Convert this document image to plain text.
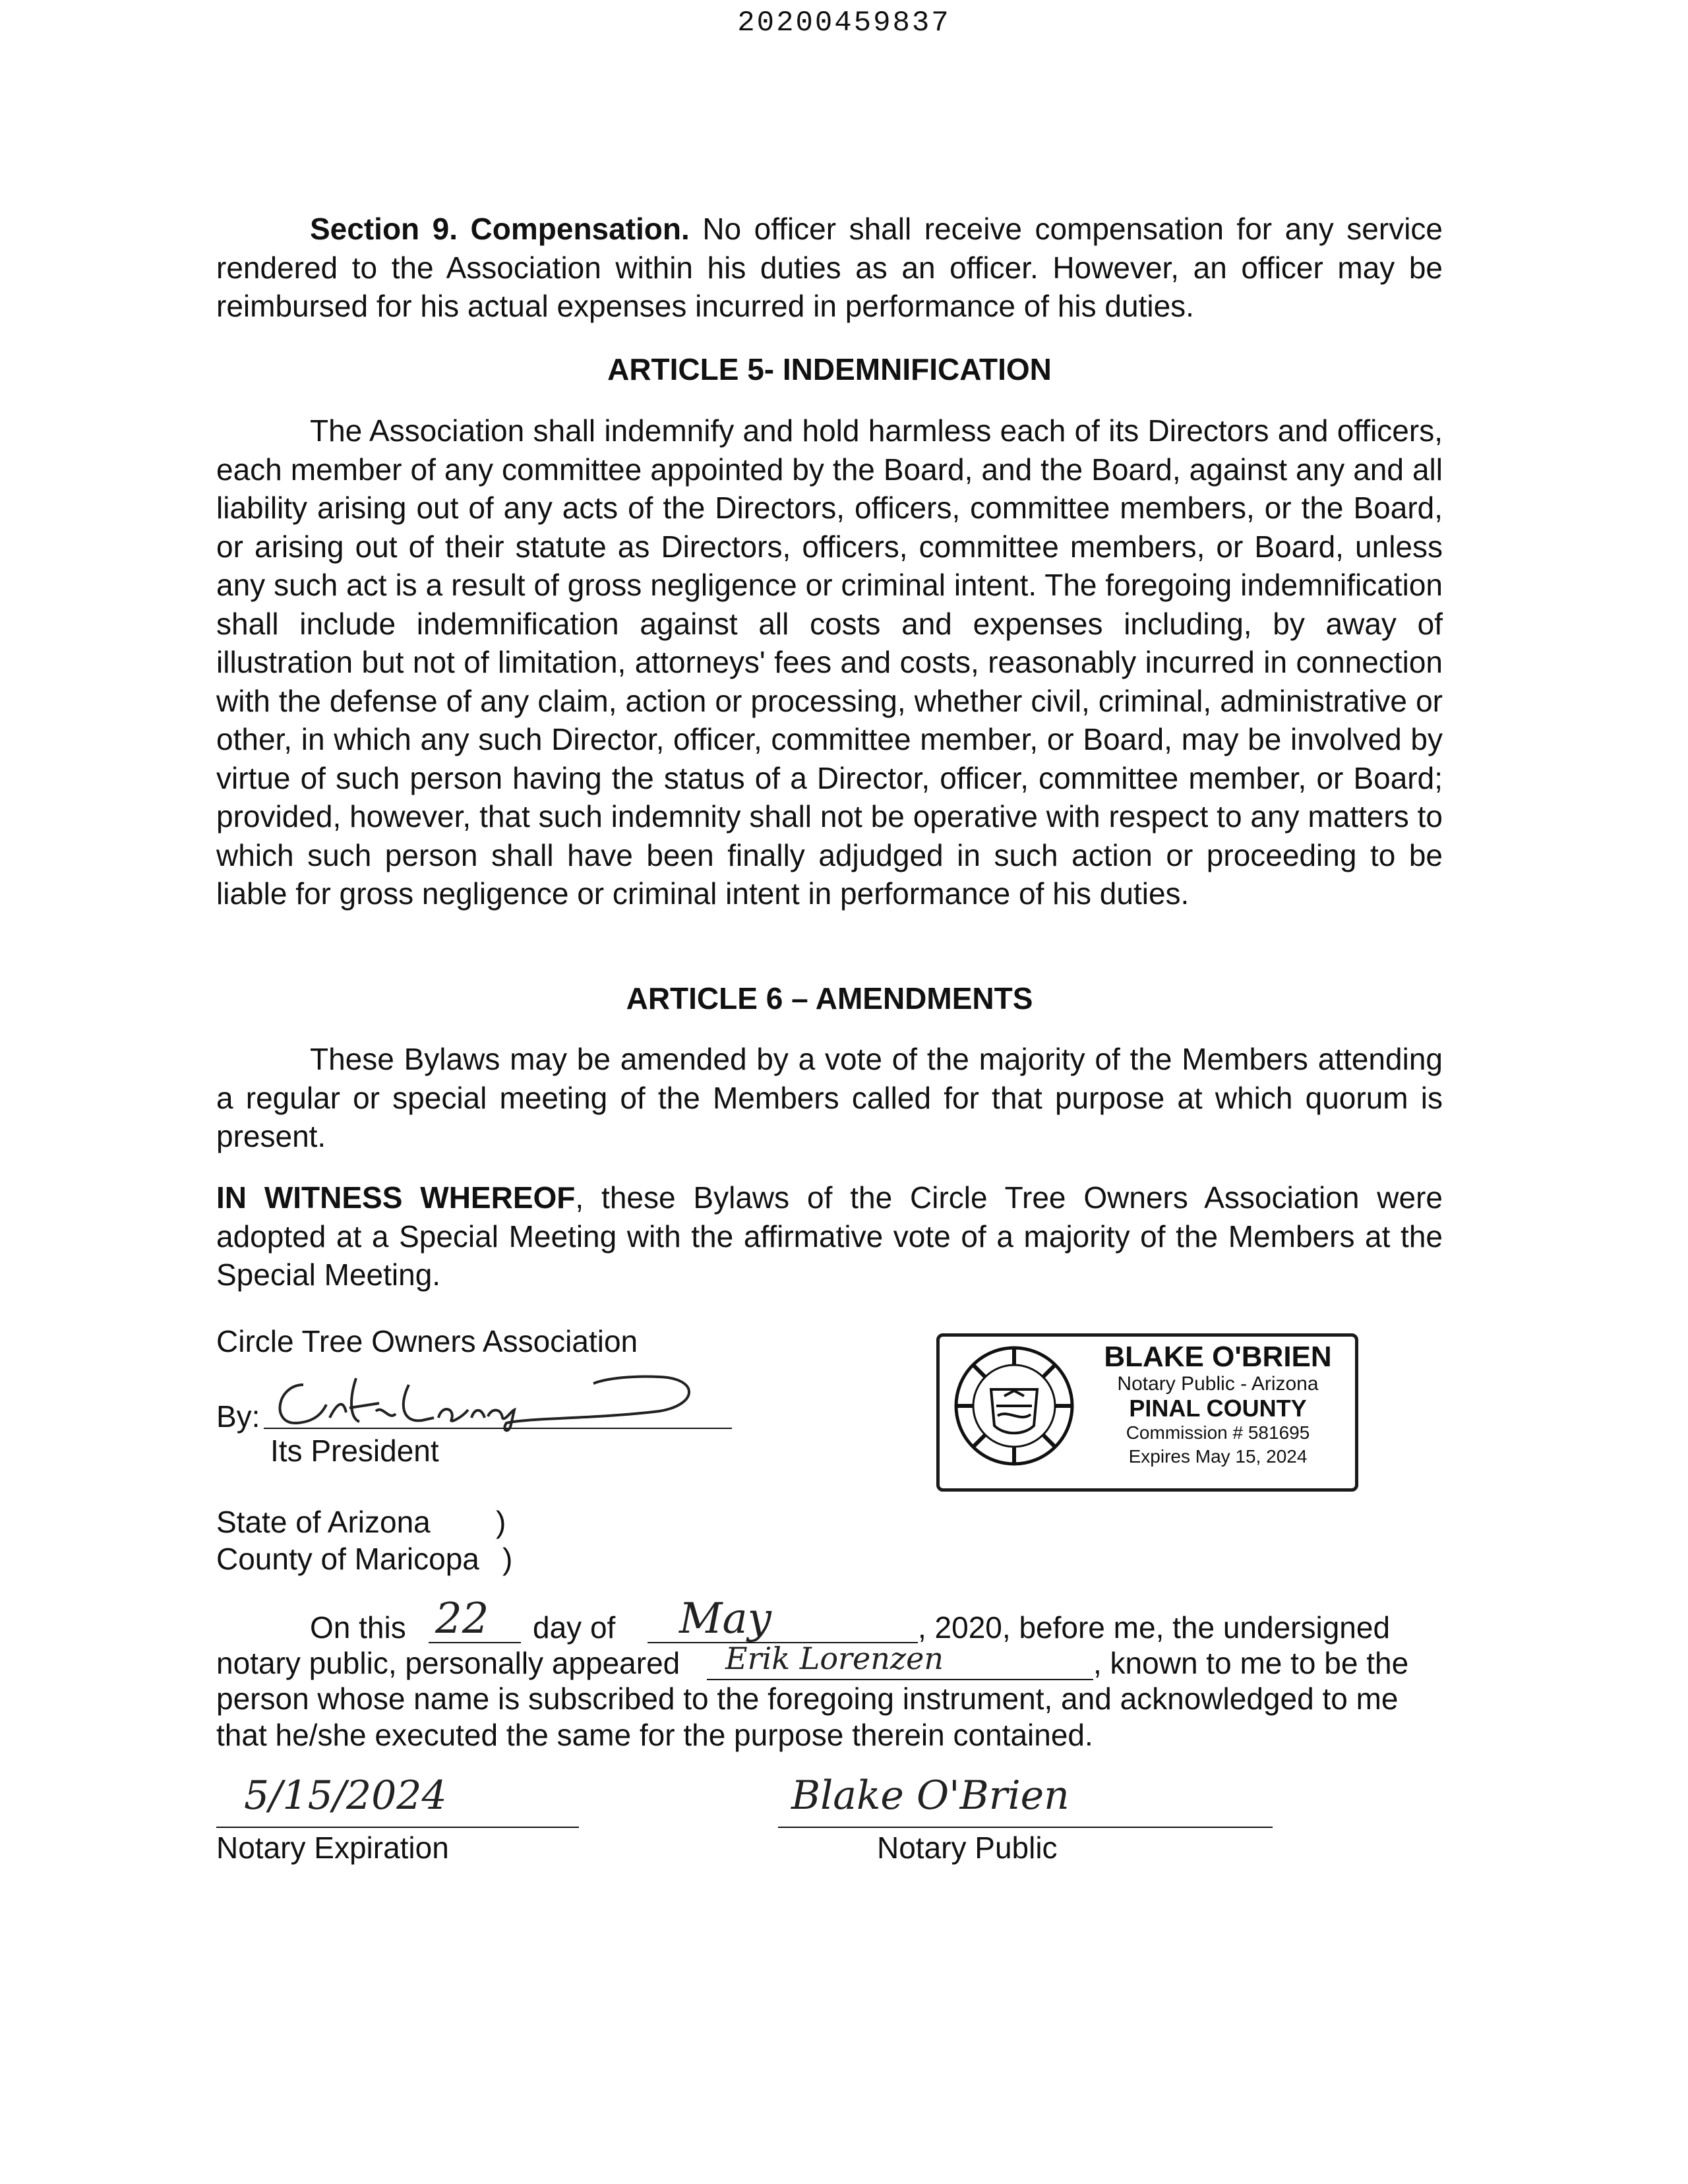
20200459837

Section 9. Compensation. No officer shall receive compensation for any service rendered to the Association within his duties as an officer. However, an officer may be reimbursed for his actual expenses incurred in performance of his duties.

ARTICLE 5- INDEMNIFICATION

The Association shall indemnify and hold harmless each of its Directors and officers, each member of any committee appointed by the Board, and the Board, against any and all liability arising out of any acts of the Directors, officers, committee members, or the Board, or arising out of their statute as Directors, officers, committee members, or Board, unless any such act is a result of gross negligence or criminal intent. The foregoing indemnification shall include indemnification against all costs and expenses including, by away of illustration but not of limitation, attorneys' fees and costs, reasonably incurred in connection with the defense of any claim, action or processing, whether civil, criminal, administrative or other, in which any such Director, officer, committee member, or Board, may be involved by virtue of such person having the status of a Director, officer, committee member, or Board; provided, however, that such indemnity shall not be operative with respect to any matters to which such person shall have been finally adjudged in such action or proceeding to be liable for gross negligence or criminal intent in performance of his duties.

ARTICLE 6 – AMENDMENTS

These Bylaws may be amended by a vote of the majority of the Members attending a regular or special meeting of the Members called for that purpose at which quorum is present.

IN WITNESS WHEREOF, these Bylaws of the Circle Tree Owners Association were adopted at a Special Meeting with the affirmative vote of a majority of the Members at the Special Meeting.

Circle Tree Owners Association
By:
Its President
BLAKE O'BRIEN
Notary Public - Arizona
PINAL COUNTY
Commission # 581695
Expires May 15, 2024
State of Arizona )
County of Maricopa )
On this 22 day of May	, 2020, before me, the undersigned
notary public, personally appeared Erik Lorenzen	, known to me to be the
person whose name is subscribed to the foregoing instrument, and acknowledged to me
that he/she executed the same for the purpose therein contained.
5/15/2024
Notary Expiration
Blake O'Brien
Notary Public
